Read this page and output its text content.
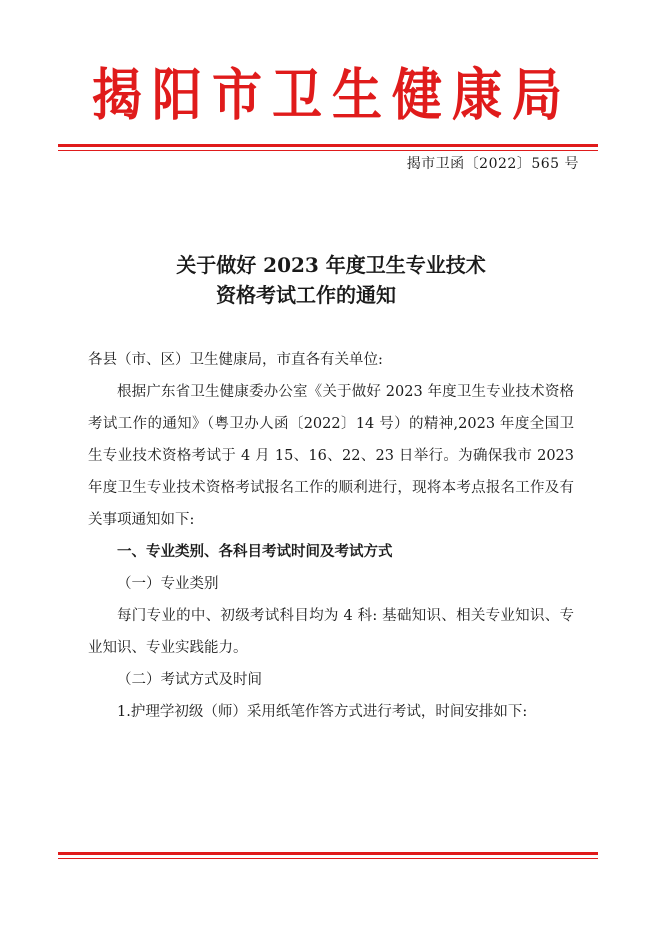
揭阳市卫生健康局
揭市卫函〔2022〕565 号
关于做好 2023 年度卫生专业技术
资格考试工作的通知

各县（市、区）卫生健康局，市直各有关单位:

根据广东省卫生健康委办公室《关于做好 2023 年度卫生专业技术资格考试工作的通知》（粤卫办人函〔2022〕14 号）的精神,2023 年度全国卫生专业技术资格考试于 4 月 15、16、22、23 日举行。为确保我市 2023 年度卫生专业技术资格考试报名工作的顺利进行，现将本考点报名工作及有关事项通知如下:

一、专业类别、各科目考试时间及考试方式

（一）专业类别

每门专业的中、初级考试科目均为 4 科: 基础知识、相关专业知识、专业知识、专业实践能力。

（二）考试方式及时间

1.护理学初级（师）采用纸笔作答方式进行考试，时间安排如下:
